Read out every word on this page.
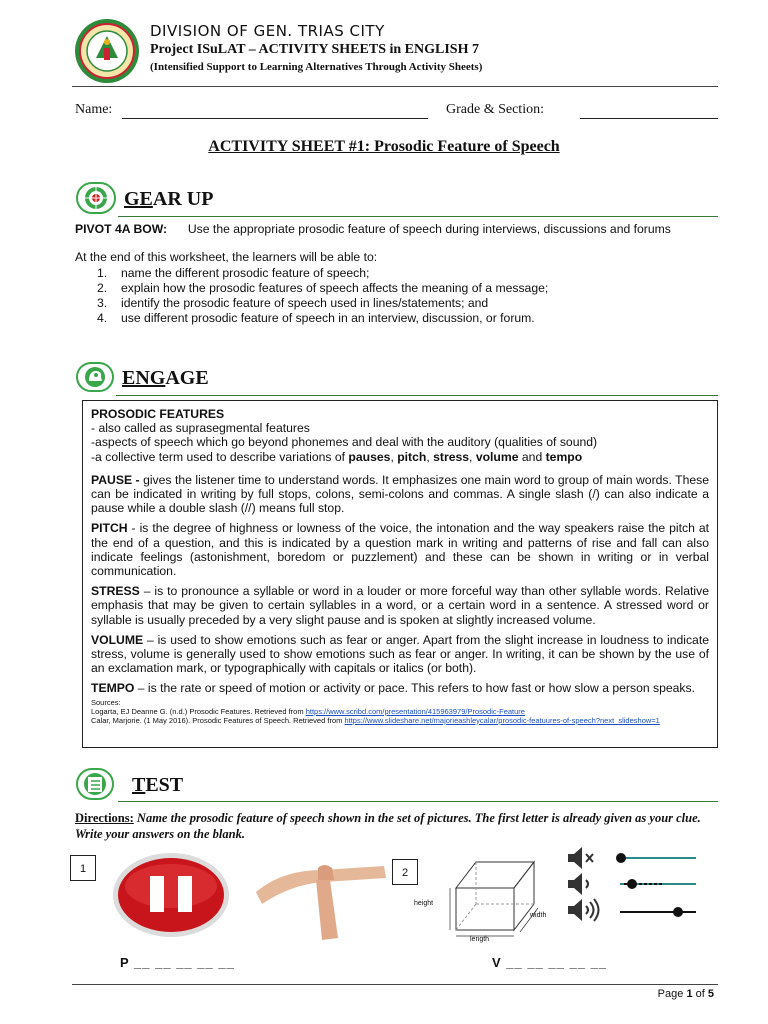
DIVISION OF GEN. TRIAS CITY
Project ISuLAT – ACTIVITY SHEETS in ENGLISH 7
(Intensified Support to Learning Alternatives Through Activity Sheets)
Name:	Grade & Section:
ACTIVITY SHEET #1: Prosodic Feature of Speech
GEAR UP
PIVOT 4A BOW: Use the appropriate prosodic feature of speech during interviews, discussions and forums
At the end of this worksheet, the learners will be able to:
1. name the different prosodic feature of speech;
2. explain how the prosodic features of speech affects the meaning of a message;
3. identify the prosodic feature of speech used in lines/statements; and
4. use different prosodic feature of speech in an interview, discussion, or forum.
ENGAGE
PROSODIC FEATURES
- also called as suprasegmental features
-aspects of speech which go beyond phonemes and deal with the auditory (qualities of sound)
-a collective term used to describe variations of pauses, pitch, stress, volume and tempo

PAUSE - gives the listener time to understand words. It emphasizes one main word to group of main words. These can be indicated in writing by full stops, colons, semi-colons and commas. A single slash (/) can also indicate a pause while a double slash (//) means full stop.

PITCH - is the degree of highness or lowness of the voice, the intonation and the way speakers raise the pitch at the end of a question, and this is indicated by a question mark in writing and patterns of rise and fall can also indicate feelings (astonishment, boredom or puzzlement) and these can be shown in writing or in verbal communication.

STRESS – is to pronounce a syllable or word in a louder or more forceful way than other syllable words. Relative emphasis that may be given to certain syllables in a word, or a certain word in a sentence. A stressed word or syllable is usually preceded by a very slight pause and is spoken at slightly increased volume.

VOLUME – is used to show emotions such as fear or anger. Apart from the slight increase in loudness to indicate stress, volume is generally used to show emotions such as fear or anger. In writing, it can be shown by the use of an exclamation mark, or typographically with capitals or italics (or both).

TEMPO – is the rate or speed of motion or activity or pace. This refers to how fast or how slow a person speaks.

Sources:
Logarta, EJ Deanne G. (n.d.) Prosodic Features. Retrieved from https://www.scribd.com/presentation/415963979/Prosodic-Feature
Calar, Marjorie. (1 May 2016). Prosodic Features of Speech. Retrieved from https://www.slideshare.net/majorieashleycalar/prosodic-featuures-of-speech?next_slideshow=1
TEST
Directions: Name the prosodic feature of speech shown in the set of pictures. The first letter is already given as your clue. Write your answers on the blank.
1
P __ __ __ __ __
2
height
width
length
V __ __ __ __ __
Page 1 of 5
